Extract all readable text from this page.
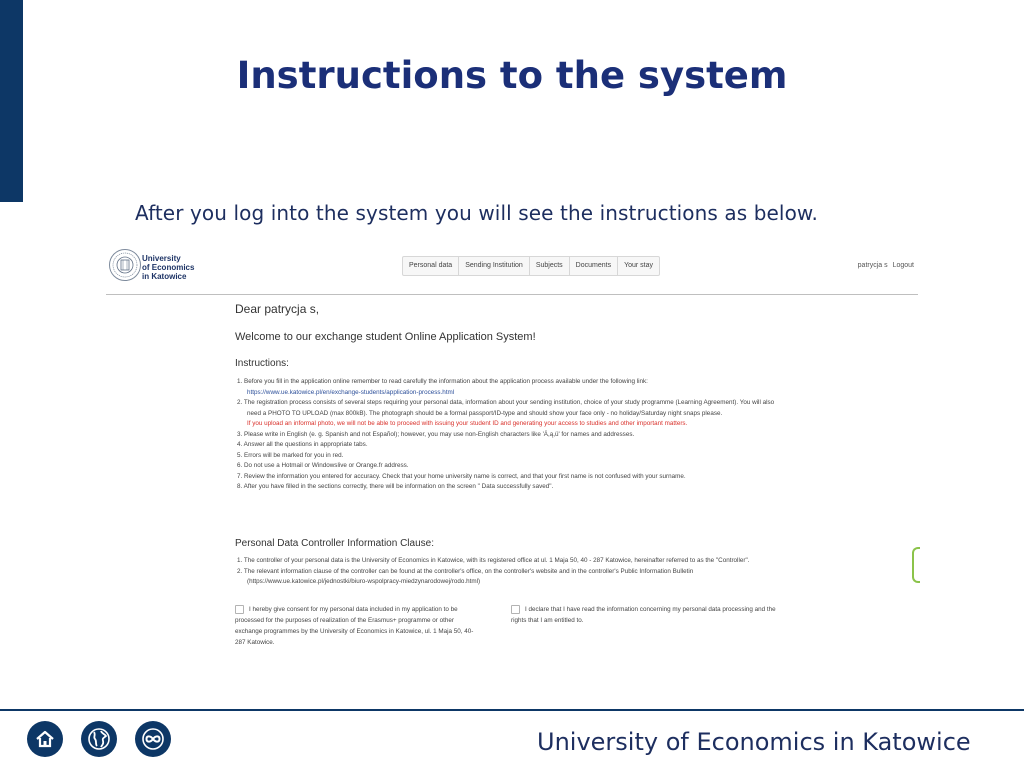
Instructions to the system

After you log into the system you will see the instructions as below.

University
of Economics
in Katowice
Personal data	Sending Institution	Subjects	Documents	Your stay	patrycja s Logout

Dear patrycja s,

Welcome to our exchange student Online Application System!

Instructions:

1. Before you fill in the application online remember to read carefully the information about the application process available under the following link:
https://www.ue.katowice.pl/en/exchange-students/application-process.html
2. The registration process consists of several steps requiring your personal data, information about your sending institution, choice of your study programme (Learning Agreement). You will also need a PHOTO TO UPLOAD (max 800kB). The photograph should be a formal passport/ID-type and should show your face only - no holiday/Saturday night snaps please.
If you upload an informal photo, we will not be able to proceed with issuing your student ID and generating your access to studies and other important matters.
3. Please write in English (e. g. Spanish and not Español); however, you may use non-English characters like 'Ä,ą,ü' for names and addresses.
4. Answer all the questions in appropriate tabs.
5. Errors will be marked for you in red.
6. Do not use a Hotmail or Windowslive or Orange.fr address.
7. Review the information you entered for accuracy. Check that your home university name is correct, and that your first name is not confused with your surname.
8. After you have filled in the sections correctly, there will be information on the screen " Data successfully saved".

Personal Data Controller Information Clause:

1. The controller of your personal data is the University of Economics in Katowice, with its registered office at ul. 1 Maja 50, 40 - 287 Katowice, hereinafter referred to as the "Controller".
2. The relevant information clause of the controller can be found at the controller's office, on the controller's website and in the controller's Public Information Bulletin
(https://www.ue.katowice.pl/jednostki/biuro-wspolpracy-miedzynarodowej/rodo.html)
I hereby give consent for my personal data included in my application to be processed for the purposes of realization of the Erasmus+ programme or other exchange programmes by the University of Economics in Katowice, ul. 1 Maja 50, 40-287 Katowice.
I declare that I have read the information concerning my personal data processing and the rights that I am entitled to.
University of Economics in Katowice
